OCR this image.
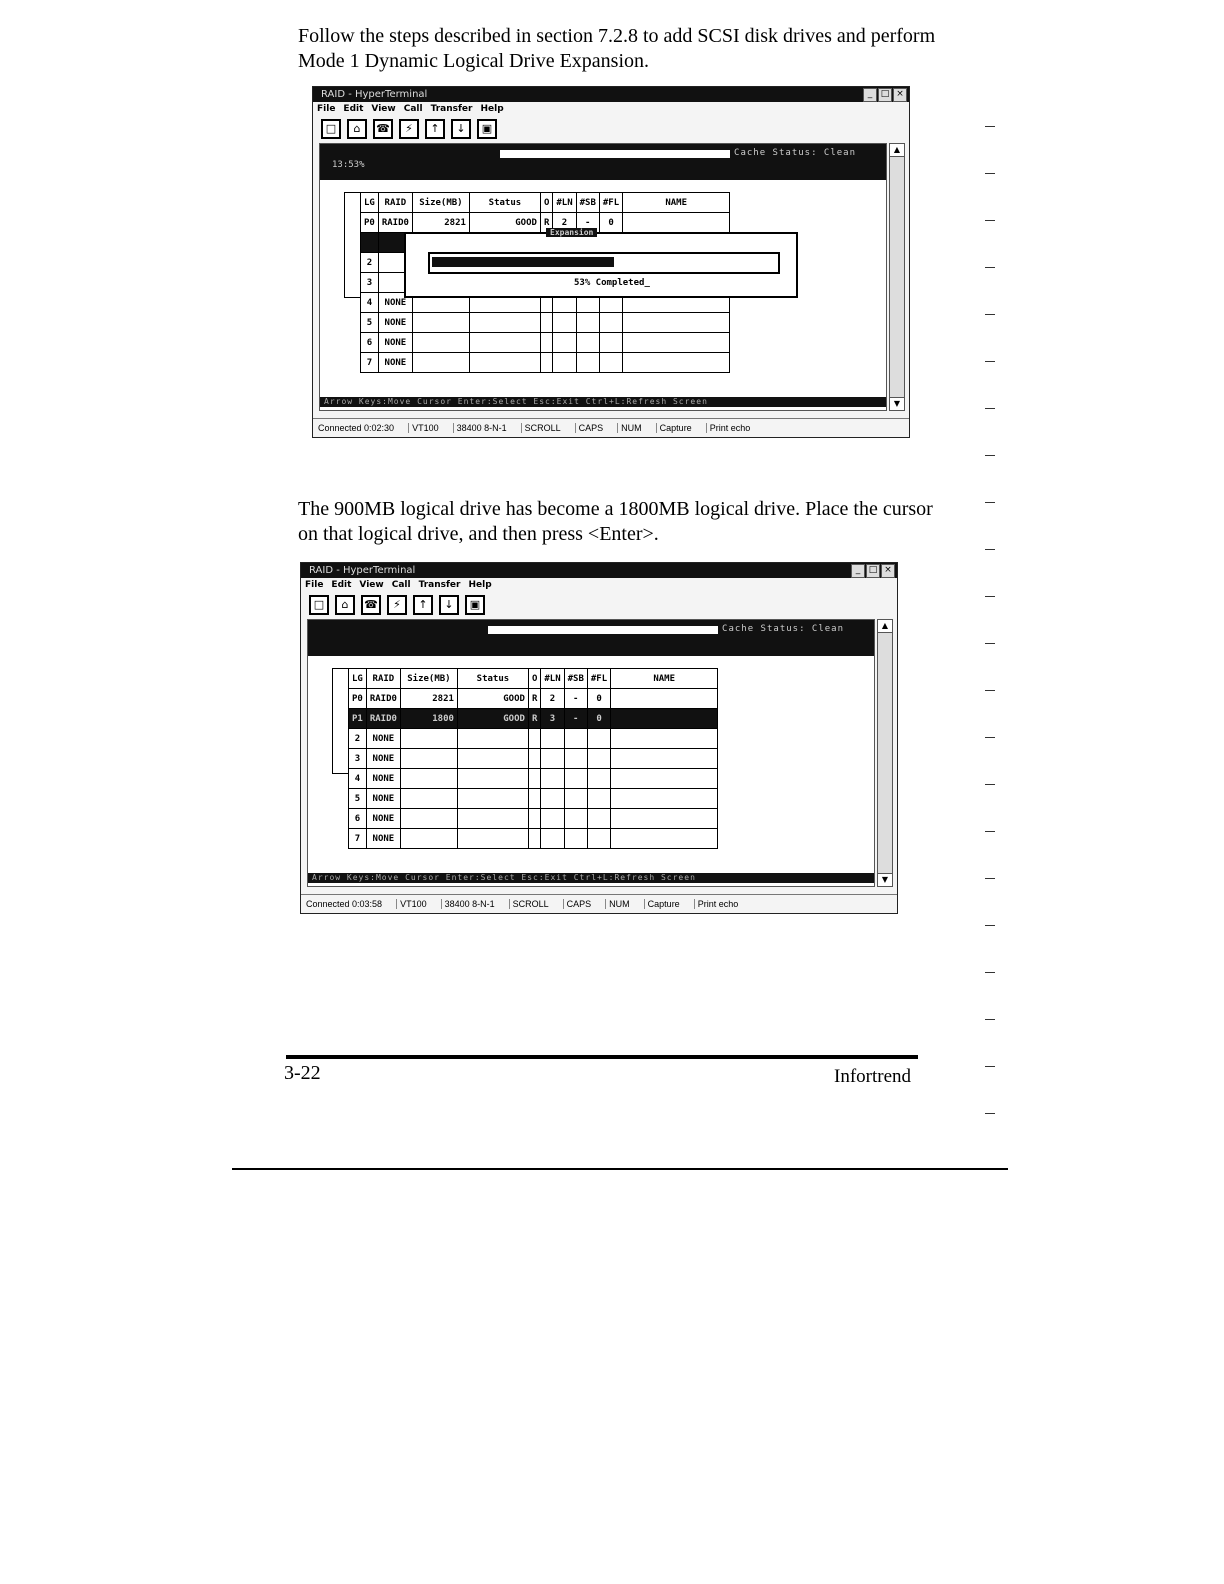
Follow the steps described in section 7.2.8 to add SCSI disk drives and perform Mode 1 Dynamic Logical Drive Expansion.
RAID - HyperTerminal	_ □ ×
File Edit View Call Transfer Help
□	⌂	☎	⚡	↑	↓	▣
13:53%
Cache Status: Clean
LG	RAID	Size(MB)	Status	O	#LN	#SB	#FL	NAME
P0	RAID0	2821	GOOD	R	2	-	0	

2								
3								
4	NONE							
5	NONE							
6	NONE							
7	NONE							
Expansion
53% Completed_
Arrow Keys:Move Cursor Enter:Select Esc:Exit Ctrl+L:Refresh Screen
▲
▼
Connected 0:02:30	VT100	38400 8-N-1	SCROLL	CAPS	NUM	Capture	Print echo
The 900MB logical drive has become a 1800MB logical drive. Place the cursor on that logical drive, and then press <Enter>.
RAID - HyperTerminal	_ □ ×
File Edit View Call Transfer Help
□	⌂	☎	⚡	↑	↓	▣
Cache Status: Clean
LG	RAID	Size(MB)	Status	O	#LN	#SB	#FL	NAME
P0	RAID0	2821	GOOD	R	2	-	0	
P1	RAID0	1800	GOOD	R	3	-	0	
2	NONE							
3	NONE							
4	NONE							
5	NONE							
6	NONE							
7	NONE							
Arrow Keys:Move Cursor Enter:Select Esc:Exit Ctrl+L:Refresh Screen
▲
▼
Connected 0:03:58	VT100	38400 8-N-1	SCROLL	CAPS	NUM	Capture	Print echo
3-22	Infortrend
